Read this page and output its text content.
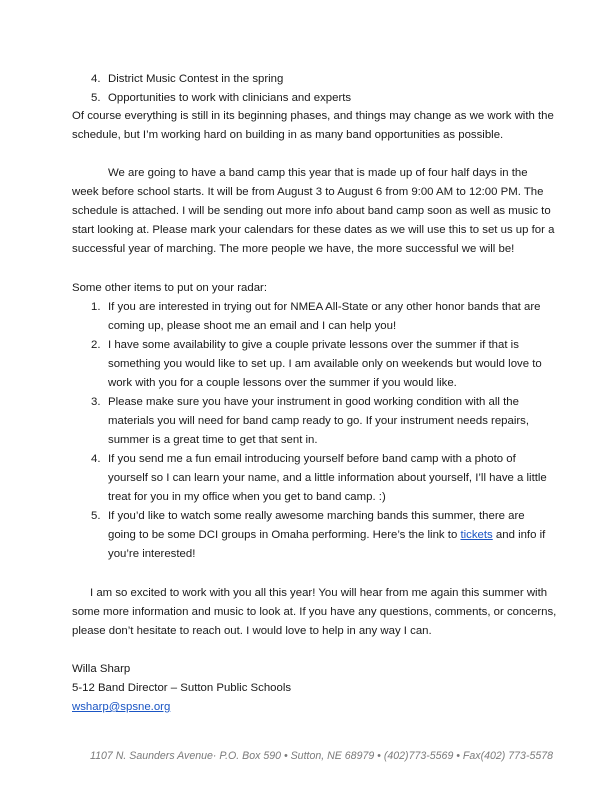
4. District Music Contest in the spring
5. Opportunities to work with clinicians and experts
Of course everything is still in its beginning phases, and things may change as we work with the
schedule, but I’m working hard on building in as many band opportunities as possible.
We are going to have a band camp this year that is made up of four half days in the
week before school starts. It will be from August 3 to August 6 from 9:00 AM to 12:00 PM. The
schedule is attached. I will be sending out more info about band camp soon as well as music to
start looking at. Please mark your calendars for these dates as we will use this to set us up for a
successful year of marching. The more people we have, the more successful we will be!
Some other items to put on your radar:
1. If you are interested in trying out for NMEA All-State or any other honor bands that are
coming up, please shoot me an email and I can help you!
2. I have some availability to give a couple private lessons over the summer if that is
something you would like to set up. I am available only on weekends but would love to
work with you for a couple lessons over the summer if you would like.
3. Please make sure you have your instrument in good working condition with all the
materials you will need for band camp ready to go. If your instrument needs repairs,
summer is a great time to get that sent in.
4. If you send me a fun email introducing yourself before band camp with a photo of
yourself so I can learn your name, and a little information about yourself, I’ll have a little
treat for you in my office when you get to band camp. :)
5. If you’d like to watch some really awesome marching bands this summer, there are
going to be some DCI groups in Omaha performing. Here’s the link to tickets and info if
you’re interested!
I am so excited to work with you all this year! You will hear from me again this summer with
some more information and music to look at. If you have any questions, comments, or concerns,
please don’t hesitate to reach out. I would love to help in any way I can.
Willa Sharp
5-12 Band Director – Sutton Public Schools
wsharp@spsne.org
1107 N. Saunders Avenue· P.O. Box 590 • Sutton, NE 68979 • (402)773-5569 • Fax(402) 773-5578
